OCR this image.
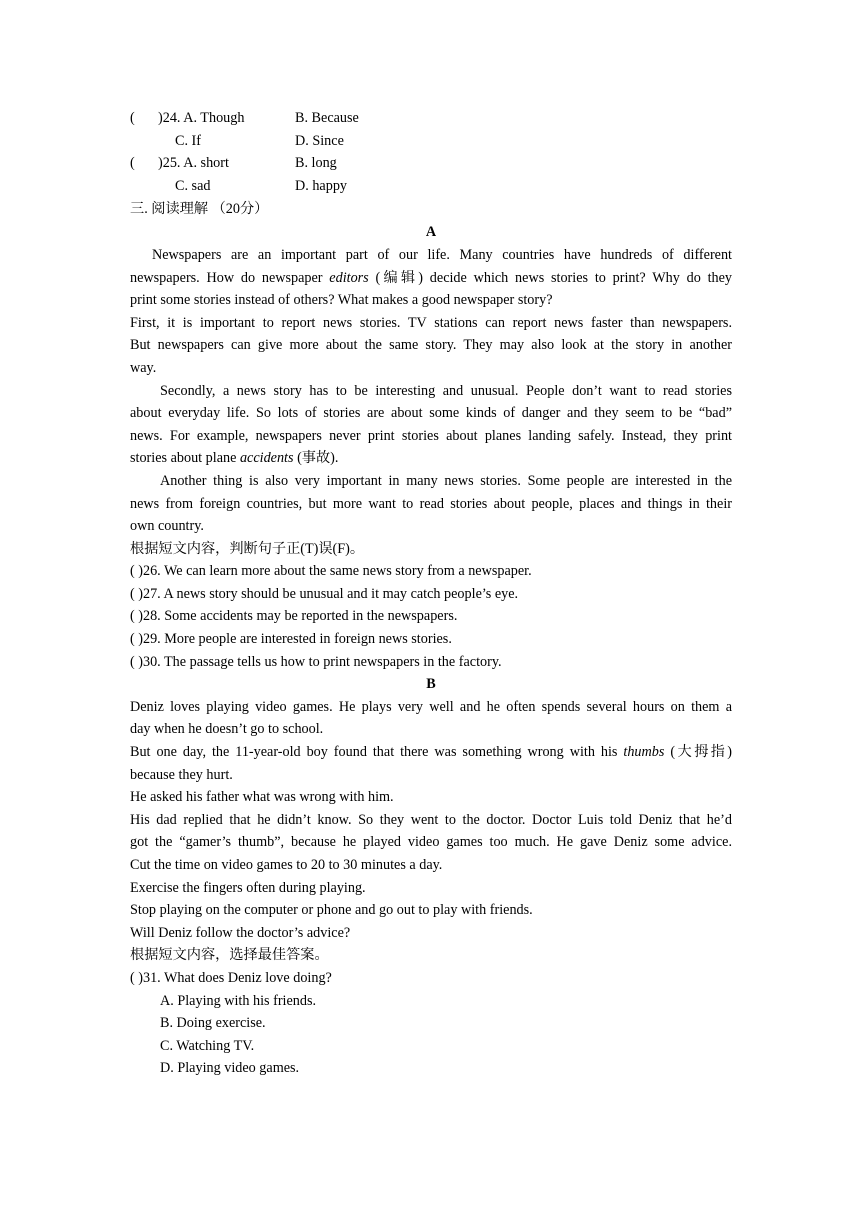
(	)24. A. Though	B. Because
C. If	D. Since
(	)25. A. short	B. long
C. sad	D. happy
三. 阅读理解 （20分）
A
Newspapers are an important part of our life. Many countries have hundreds of different
newspapers. How do newspaper editors (编辑) decide which news stories to print? Why do they
print some stories instead of others? What makes a good newspaper story?
First, it is important to report news stories. TV stations can report news faster than newspapers.
But newspapers can give more about the same story. They may also look at the story in another
way.
Secondly, a news story has to be interesting and unusual. People don’t want to read stories
about everyday life. So lots of stories are about some kinds of danger and they seem to be “bad”
news. For example, newspapers never print stories about planes landing safely. Instead, they print
stories about plane accidents (事故).
Another thing is also very important in many news stories. Some people are interested in the
news from foreign countries, but more want to read stories about people, places and things in their
own country.
根据短文内容，判断句子正(T)误(F)。
( )26. We can learn more about the same news story from a newspaper.
( )27. A news story should be unusual and it may catch people’s eye.
( )28. Some accidents may be reported in the newspapers.
( )29. More people are interested in foreign news stories.
( )30. The passage tells us how to print newspapers in the factory.
B
Deniz loves playing video games. He plays very well and he often spends several hours on them a
day when he doesn’t go to school.
But one day, the 11-year-old boy found that there was something wrong with his thumbs (大拇指)
because they hurt.
He asked his father what was wrong with him.
His dad replied that he didn’t know. So they went to the doctor. Doctor Luis told Deniz that he’d
got the “gamer’s thumb”, because he played video games too much. He gave Deniz some advice.
Cut the time on video games to 20 to 30 minutes a day.
Exercise the fingers often during playing.
Stop playing on the computer or phone and go out to play with friends.
Will Deniz follow the doctor’s advice?
根据短文内容，选择最佳答案。
( )31. What does Deniz love doing?
A. Playing with his friends.
B. Doing exercise.
C. Watching TV.
D. Playing video games.
